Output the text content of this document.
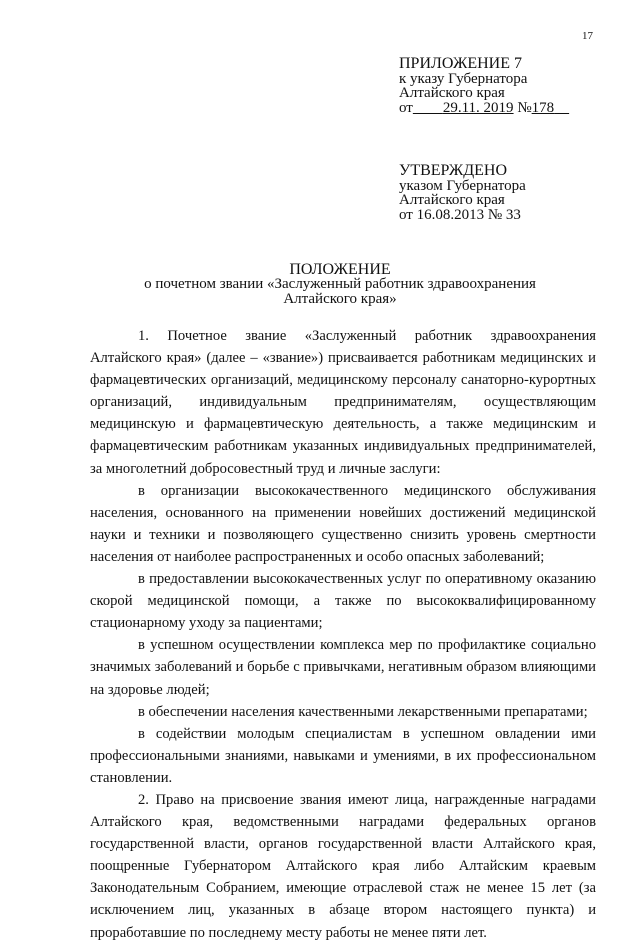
17
ПРИЛОЖЕНИЕ 7
к указу Губернатора
Алтайского края
от 29.11. 2019 №178
УТВЕРЖДЕНО
указом Губернатора
Алтайского края
от 16.08.2013 № 33
ПОЛОЖЕНИЕ
о почетном звании «Заслуженный работник здравоохранения
Алтайского края»

1. Почетное звание «Заслуженный работник здравоохранения Алтайского края» (далее – «звание») присваивается работникам медицинских и фармацевтических организаций, медицинскому персоналу санаторно-курортных организаций, индивидуальным предпринимателям, осуществляющим медицинскую и фармацевтическую деятельность, а также медицинским и фармацевтическим работникам указанных индивидуальных предпринимателей, за многолетний добросовестный труд и личные заслуги:

в организации высококачественного медицинского обслуживания населения, основанного на применении новейших достижений медицинской науки и техники и позволяющего существенно снизить уровень смертности населения от наиболее распространенных и особо опасных заболеваний;

в предоставлении высококачественных услуг по оперативному оказанию скорой медицинской помощи, а также по высококвалифицированному стационарному уходу за пациентами;

в успешном осуществлении комплекса мер по профилактике социально значимых заболеваний и борьбе с привычками, негативным образом влияющими на здоровье людей;

в обеспечении населения качественными лекарственными препаратами;

в содействии молодым специалистам в успешном овладении ими профессиональными знаниями, навыками и умениями, в их профессиональном становлении.

2. Право на присвоение звания имеют лица, награжденные наградами Алтайского края, ведомственными наградами федеральных органов государственной власти, органов государственной власти Алтайского края, поощренные Губернатором Алтайского края либо Алтайским краевым Законодательным Собранием, имеющие отраслевой стаж не менее 15 лет (за исключением лиц, указанных в абзаце втором настоящего пункта) и проработавшие по последнему месту работы не менее пяти лет.
